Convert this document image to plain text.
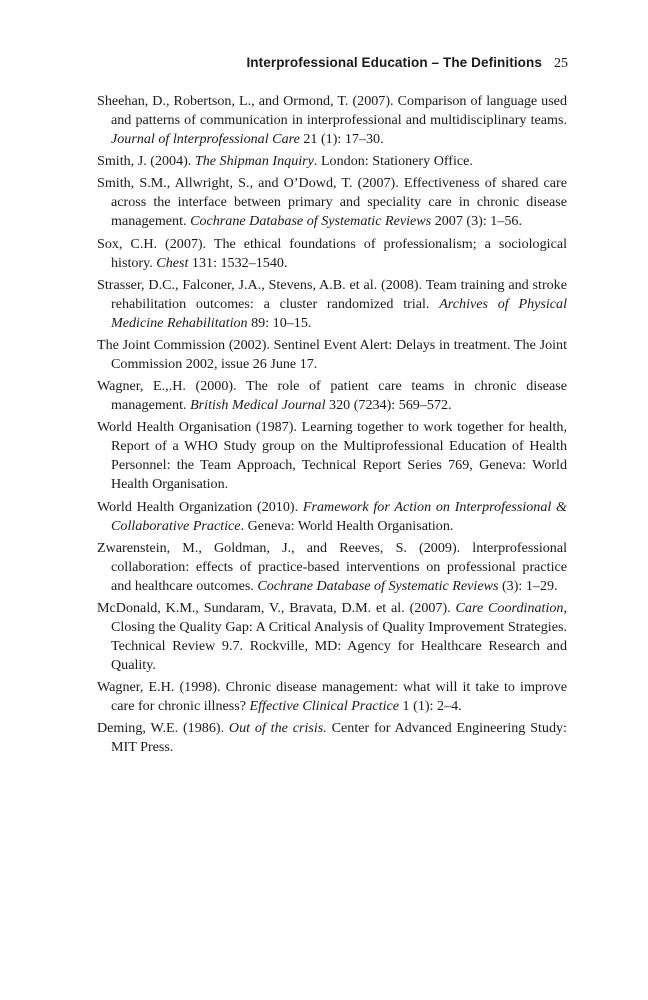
Interprofessional Education – The Definitions 25

Sheehan, D., Robertson, L., and Ormond, T. (2007). Comparison of language used and patterns of communication in interprofessional and multidisciplinary teams. Journal of lnterprofessional Care 21 (1): 17–30.

Smith, J. (2004). The Shipman Inquiry. London: Stationery Office.

Smith, S.M., Allwright, S., and O’Dowd, T. (2007). Effectiveness of shared care across the interface between primary and speciality care in chronic disease management. Cochrane Database of Systematic Reviews 2007 (3): 1–56.

Sox, C.H. (2007). The ethical foundations of professionalism; a sociological history. Chest 131: 1532–1540.

Strasser, D.C., Falconer, J.A., Stevens, A.B. et al. (2008). Team training and stroke rehabilitation outcomes: a cluster randomized trial. Archives of Physical Medicine Rehabilitation 89: 10–15.

The Joint Commission (2002). Sentinel Event Alert: Delays in treatment. The Joint Commission 2002, issue 26 June 17.

Wagner, E.,.H. (2000). The role of patient care teams in chronic disease management. British Medical Journal 320 (7234): 569–572.

World Health Organisation (1987). Learning together to work together for health, Report of a WHO Study group on the Multiprofessional Education of Health Personnel: the Team Approach, Technical Report Series 769, Geneva: World Health Organisation.

World Health Organization (2010). Framework for Action on Interprofessional & Collaborative Practice. Geneva: World Health Organisation.

Zwarenstein, M., Goldman, J., and Reeves, S. (2009). lnterprofessional collaboration: effects of practice-based interventions on professional practice and healthcare outcomes. Cochrane Database of Systematic Reviews (3): 1–29.

McDonald, K.M., Sundaram, V., Bravata, D.M. et al. (2007). Care Coordination, Closing the Quality Gap: A Critical Analysis of Quality Improvement Strategies. Technical Review 9.7. Rockville, MD: Agency for Healthcare Research and Quality.

Wagner, E.H. (1998). Chronic disease management: what will it take to improve care for chronic illness? Effective Clinical Practice 1 (1): 2–4.

Deming, W.E. (1986). Out of the crisis. Center for Advanced Engineering Study: MIT Press.
